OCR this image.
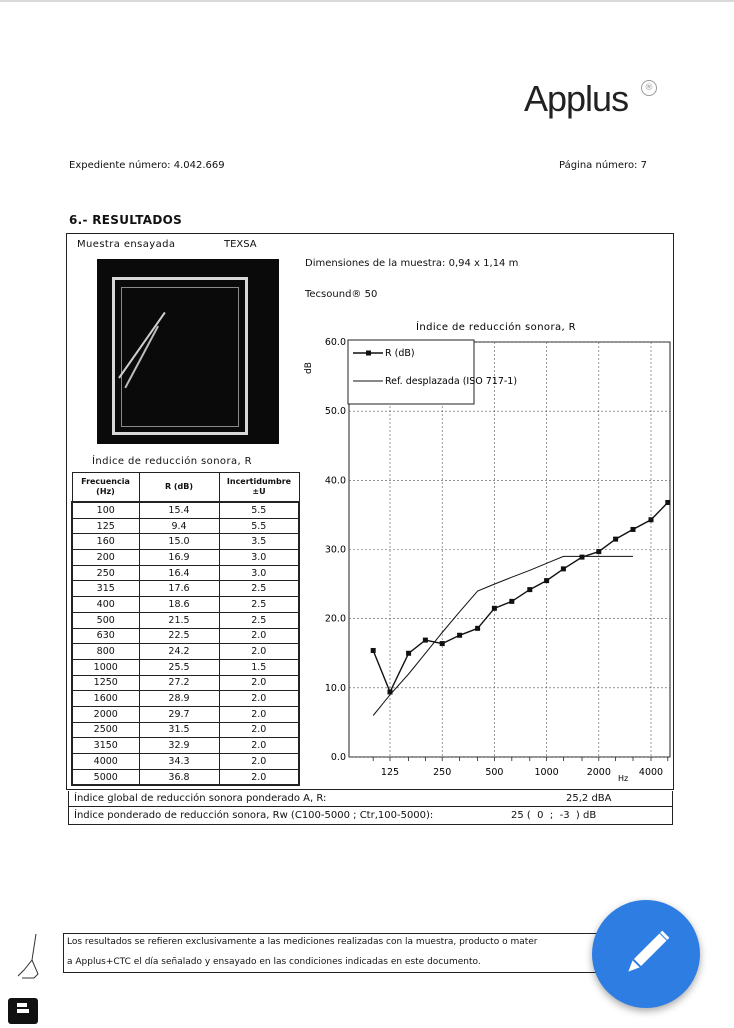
Applus	®
Expediente número: 4.042.669	Página número: 7
6.- RESULTADOS
Muestra ensayada	TEXSA
Dimensiones de la muestra: 0,94 x 1,14 m
Tecsound® 50
Índice de reducción sonora, R
Frecuencia (Hz)	R (dB)	Incertidumbre ±U
100	15.4	5.5
125	9.4	5.5
160	15.0	3.5
200	16.9	3.0
250	16.4	3.0
315	17.6	2.5
400	18.6	2.5
500	21.5	2.5
630	22.5	2.0
800	24.2	2.0
1000	25.5	1.5
1250	27.2	2.0
1600	28.9	2.0
2000	29.7	2.0
2500	31.5	2.0
3150	32.9	2.0
4000	34.3	2.0
5000	36.8	2.0
Índice de reducción sonora, R
dB
Hz
0.0
10.0
20.0
30.0
40.0
50.0
60.0
125	250	500	1000	2000	4000
R (dB)
Ref. desplazada (ISO 717-1)
Índice global de reducción sonora ponderado A, R:	25,2 dBA
Índice ponderado de reducción sonora, Rw (C100-5000 ; Ctr,100-5000):	25 (  0  ;  -3  ) dB
Los resultados se refieren exclusivamente a las mediciones realizadas con la muestra, producto o mater
a Applus+CTC el día señalado y ensayado en las condiciones indicadas en este documento.
